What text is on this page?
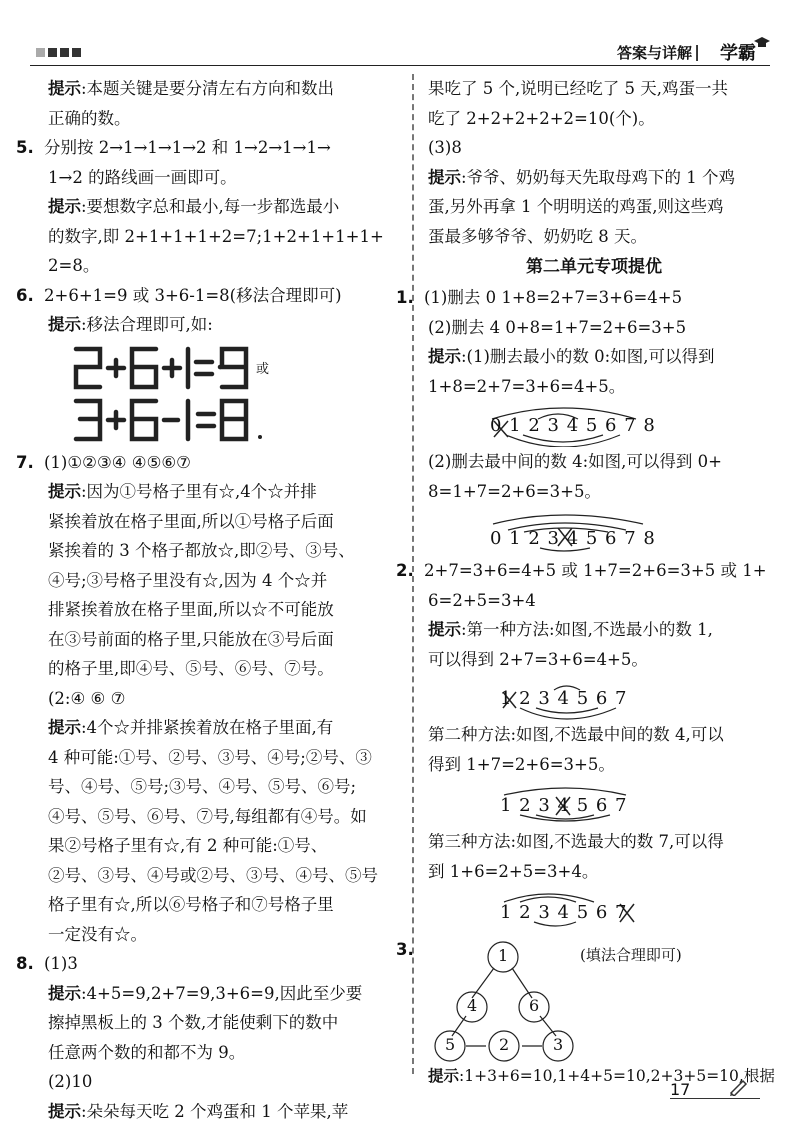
答案与详解 | 学霸
提示:本题关键是要分清左右方向和数出
正确的数。
5. 分别按 2→1→1→1→2 和 1→2→1→1→
1→2 的路线画一画即可。
提示:要想数字总和最小,每一步都选最小
的数字,即 2+1+1+1+2=7;1+2+1+1+1+
2=8。
6. 2+6+1=9 或 3+6-1=8(移法合理即可)
提示:移法合理即可,如:
或
7. (1)①②③④ ④⑤⑥⑦
提示:因为①号格子里有☆,4个☆并排
紧挨着放在格子里面,所以①号格子后面
紧挨着的 3 个格子都放☆,即②号、③号、
④号;③号格子里没有☆,因为 4 个☆并
排紧挨着放在格子里面,所以☆不可能放
在③号前面的格子里,只能放在③号后面
的格子里,即④号、⑤号、⑥号、⑦号。
(2:④ ⑥ ⑦
提示:4个☆并排紧挨着放在格子里面,有
4 种可能:①号、②号、③号、④号;②号、③
号、④号、⑤号;③号、④号、⑤号、⑥号;
④号、⑤号、⑥号、⑦号,每组都有④号。如
果②号格子里有☆,有 2 种可能:①号、
②号、③号、④号或②号、③号、④号、⑤号
格子里有☆,所以⑥号格子和⑦号格子里
一定没有☆。
8. (1)3
提示:4+5=9,2+7=9,3+6=9,因此至少要
擦掉黑板上的 3 个数,才能使剩下的数中
任意两个数的和都不为 9。
(2)10
提示:朵朵每天吃 2 个鸡蛋和 1 个苹果,苹
果吃了 5 个,说明已经吃了 5 天,鸡蛋一共
吃了 2+2+2+2+2=10(个)。
(3)8
提示:爷爷、奶奶每天先取母鸡下的 1 个鸡
蛋,另外再拿 1 个明明送的鸡蛋,则这些鸡
蛋最多够爷爷、奶奶吃 8 天。
第二单元专项提优
1. (1)删去 0 1+8=2+7=3+6=4+5
(2)删去 4 0+8=1+7=2+6=3+5
提示:(1)删去最小的数 0:如图,可以得到
1+8=2+7=3+6=4+5。
0 1 2 3 4 5 6 7 8
(2)删去最中间的数 4:如图,可以得到 0+
8=1+7=2+6=3+5。
0 1 2 3 4 5 6 7 8
2. 2+7=3+6=4+5 或 1+7=2+6=3+5 或 1+
6=2+5=3+4
提示:第一种方法:如图,不选最小的数 1,
可以得到 2+7=3+6=4+5。
1 2 3 4 5 6 7
第二种方法:如图,不选最中间的数 4,可以
得到 1+7=2+6=3+5。
1 2 3 4 5 6 7
第三种方法:如图,不选最大的数 7,可以得
到 1+6=2+5=3+4。
1 2 3 4 5 6 7
3.	(填法合理即可)
1
4	6
5	2	3
提示:1+3+6=10,1+4+5=10,2+3+5=10,根据
17
